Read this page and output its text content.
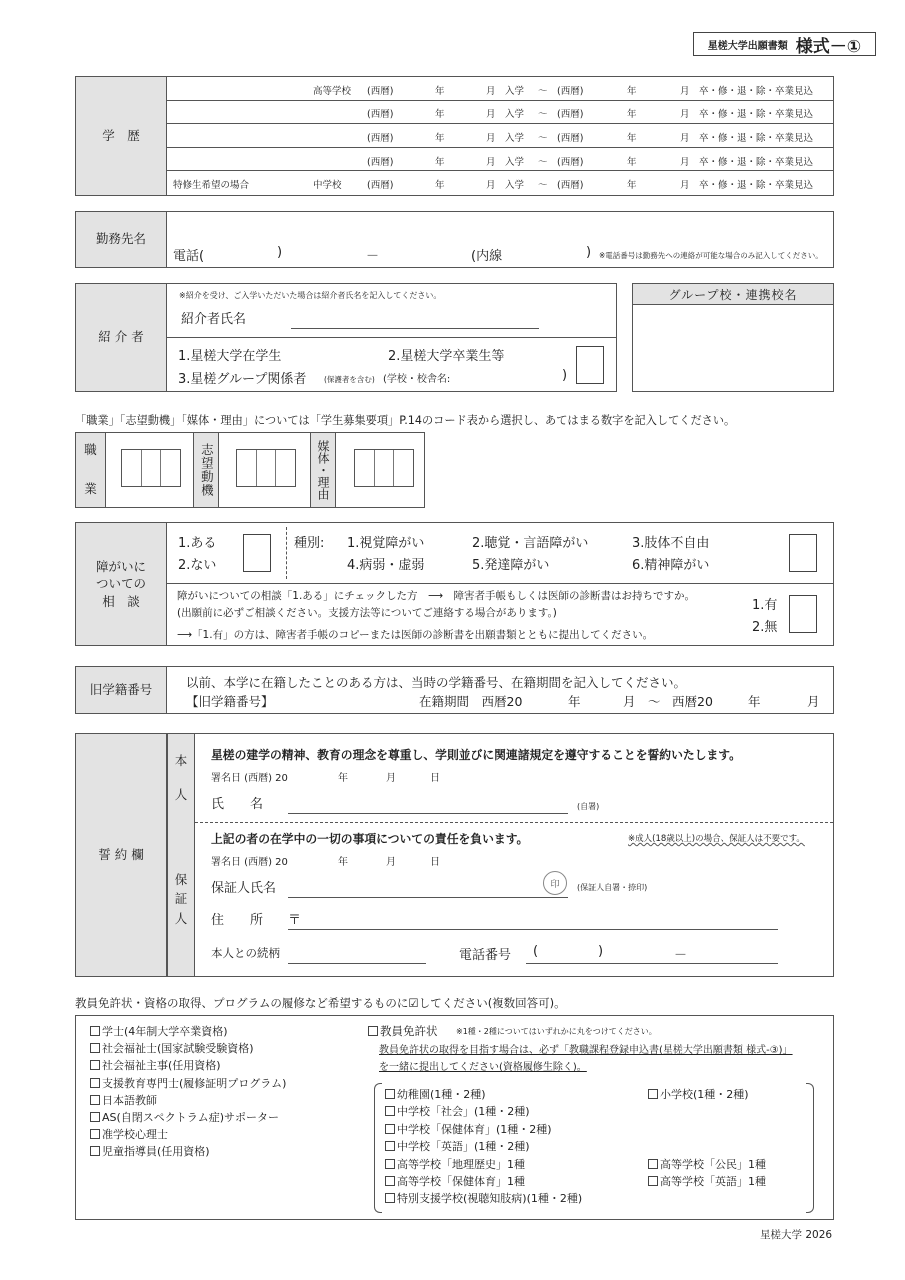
星槎大学出願書類 様式－①
学　歴
高等学校 (西暦)	年	月 入学 ～ (西暦)	年	月 卒・修・退・除・卒業見込
(西暦)	年	月 入学 ～ (西暦)	年	月 卒・修・退・除・卒業見込
(西暦)	年	月 入学 ～ (西暦)	年	月 卒・修・退・除・卒業見込
(西暦)	年	月 入学 ～ (西暦)	年	月 卒・修・退・除・卒業見込
特修生希望の場合	中学校	(西暦)	年	月 入学 ～ (西暦)	年	月 卒・修・退・除・卒業見込
勤務先名
電話(	)	－	(内線	) ※電話番号は勤務先への連絡が可能な場合のみ記入してください。
紹 介 者
※紹介を受け、ご入学いただいた場合は紹介者氏名を記入してください。
紹介者氏名
1.星槎大学在学生	2.星槎大学卒業生等
3.星槎グループ関係者 (保護者を含む) (学校・校舎名:	)
グループ校・連携校名
「職業」「志望動機」「媒体・理由」については「学生募集要項」P.14のコード表から選択し、あてはまる数字を記入してください。
職
業	志望動機	媒体・理由
障がいに
ついての
相　談
1.ある
2.ない
種別: 1.視覚障がい	2.聴覚・言語障がい	3.肢体不自由
4.病弱・虚弱	5.発達障がい	6.精神障がい
障がいについての相談「1.ある」にチェックした方　⟶　障害者手帳もしくは医師の診断書はお持ちですか。
(出願前に必ずご相談ください。支援方法等についてご連絡する場合があります。)
⟶「1.有」の方は、障害者手帳のコピーまたは医師の診断書を出願書類とともに提出してください。
1.有
2.無
旧学籍番号	以前、本学に在籍したことのある方は、当時の学籍番号、在籍期間を記入してください。
【旧学籍番号】	在籍期間　西暦20	年	月 ～ 西暦20	年	月
誓 約 欄
本
人
保
証
人
星槎の建学の精神、教育の理念を尊重し、学則並びに関連諸規定を遵守することを誓約いたします。
署名日 (西暦) 20	年	月	日
氏　　名	(自署)
上記の者の在学中の一切の事項についての責任を負います。	※成人(18歳以上)の場合、保証人は不要です。
署名日 (西暦) 20	年	月	日
保証人氏名	印 (保証人自署・捺印)
住　　所 〒
本人との続柄	電話番号 (	)	－
教員免許状・資格の取得、プログラムの履修など希望するものに☑してください(複数回答可)。
学士(4年制大学卒業資格)
社会福祉士(国家試験受験資格)
社会福祉主事(任用資格)
支援教育専門士(履修証明プログラム)
日本語教師
AS(自閉スペクトラム症)サポーター
准学校心理士
児童指導員(任用資格)
教員免許状 ※1種・2種についてはいずれかに丸をつけてください。
教員免許状の取得を目指す場合は、必ず「教職課程登録申込書(星槎大学出願書類 様式-③)」
を一緒に提出してください(資格履修生除く)。
幼稚園(1種・2種)
中学校「社会」(1種・2種)
中学校「保健体育」(1種・2種)
中学校「英語」(1種・2種)
高等学校「地理歴史」1種
高等学校「保健体育」1種
特別支援学校(視聴知肢病)(1種・2種)
小学校(1種・2種)
高等学校「公民」1種
高等学校「英語」1種
星槎大学 2026
